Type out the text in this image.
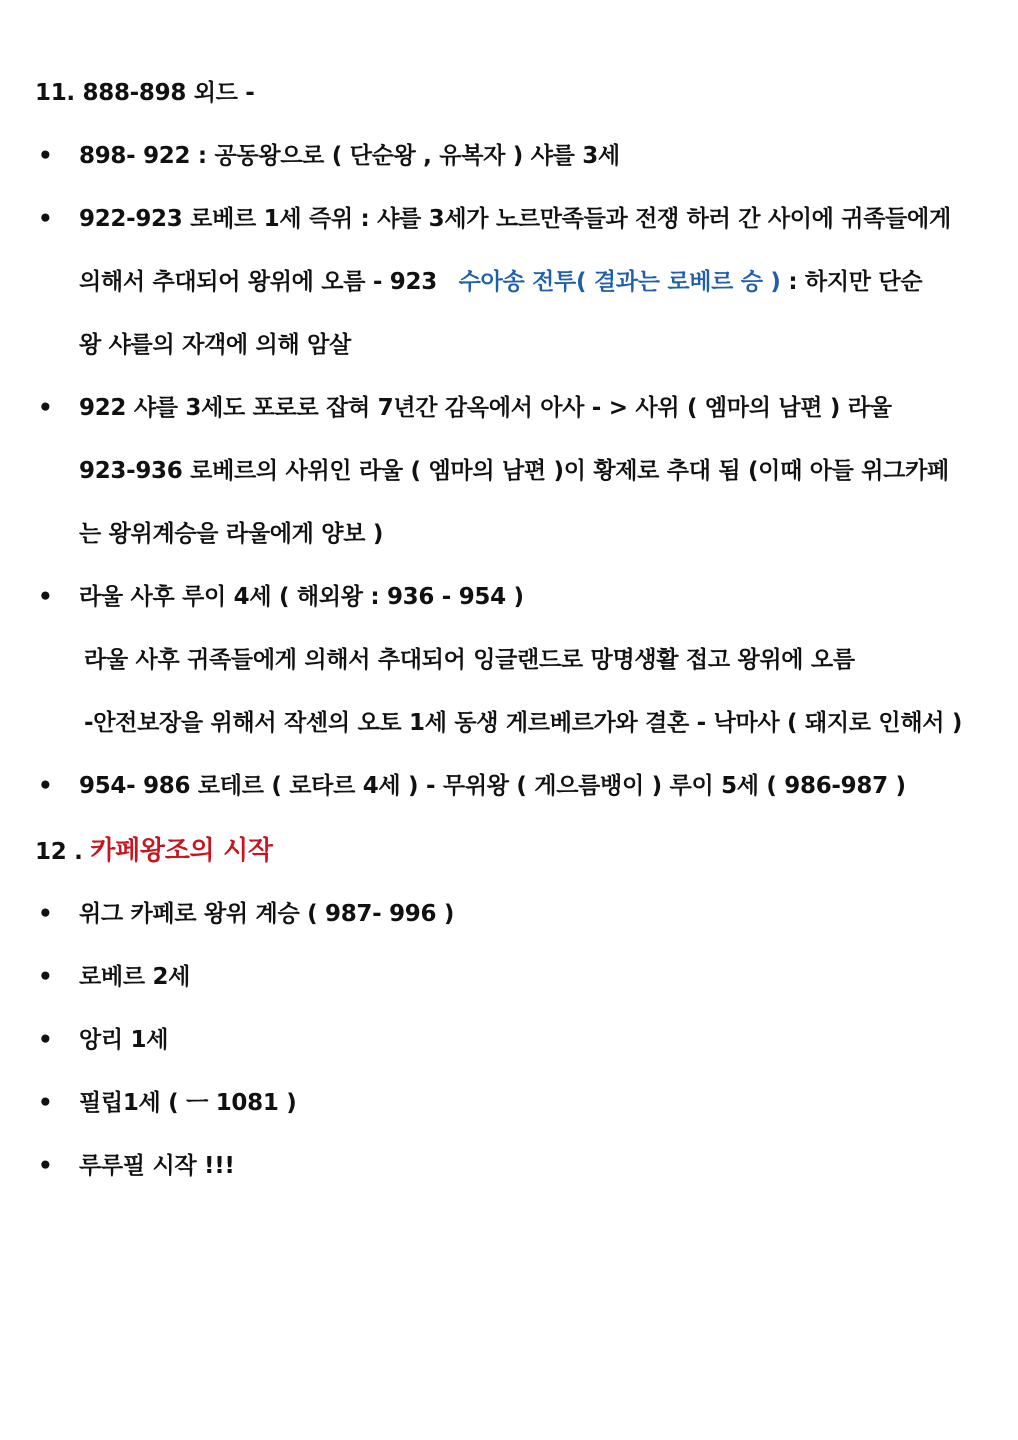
11. 888-898 외드 -
• 898- 922 : 공동왕으로 ( 단순왕 , 유복자 ) 샤를 3세
• 922-923 로베르 1세 즉위 : 샤를 3세가 노르만족들과 전쟁 하러 간 사이에 귀족들에게
의해서 추대되어 왕위에 오름 - 923 수아송 전투( 결과는 로베르 승 ) : 하지만 단순
왕 샤를의 자객에 의해 암살
• 922 샤를 3세도 포로로 잡혀 7년간 감옥에서 아사 - > 사위 ( 엠마의 남편 ) 라울
923-936 로베르의 사위인 라울 ( 엠마의 남편 )이 황제로 추대 됨 (이때 아들 위그카페
는 왕위계승을 라울에게 양보 )
• 라울 사후 루이 4세 ( 해외왕 : 936 - 954 )
라울 사후 귀족들에게 의해서 추대되어 잉글랜드로 망명생활 접고 왕위에 오름
-안전보장을 위해서 작센의 오토 1세 동생 게르베르가와 결혼 - 낙마사 ( 돼지로 인해서 )
• 954- 986 로테르 ( 로타르 4세 ) - 무위왕 ( 게으름뱅이 ) 루이 5세 ( 986-987 )
12 . 카페왕조의 시작
• 위그 카페로 왕위 계승 ( 987- 996 )
• 로베르 2세
• 앙리 1세
• 필립1세 ( ㅡ 1081 )
• 루루필 시작 !!!
